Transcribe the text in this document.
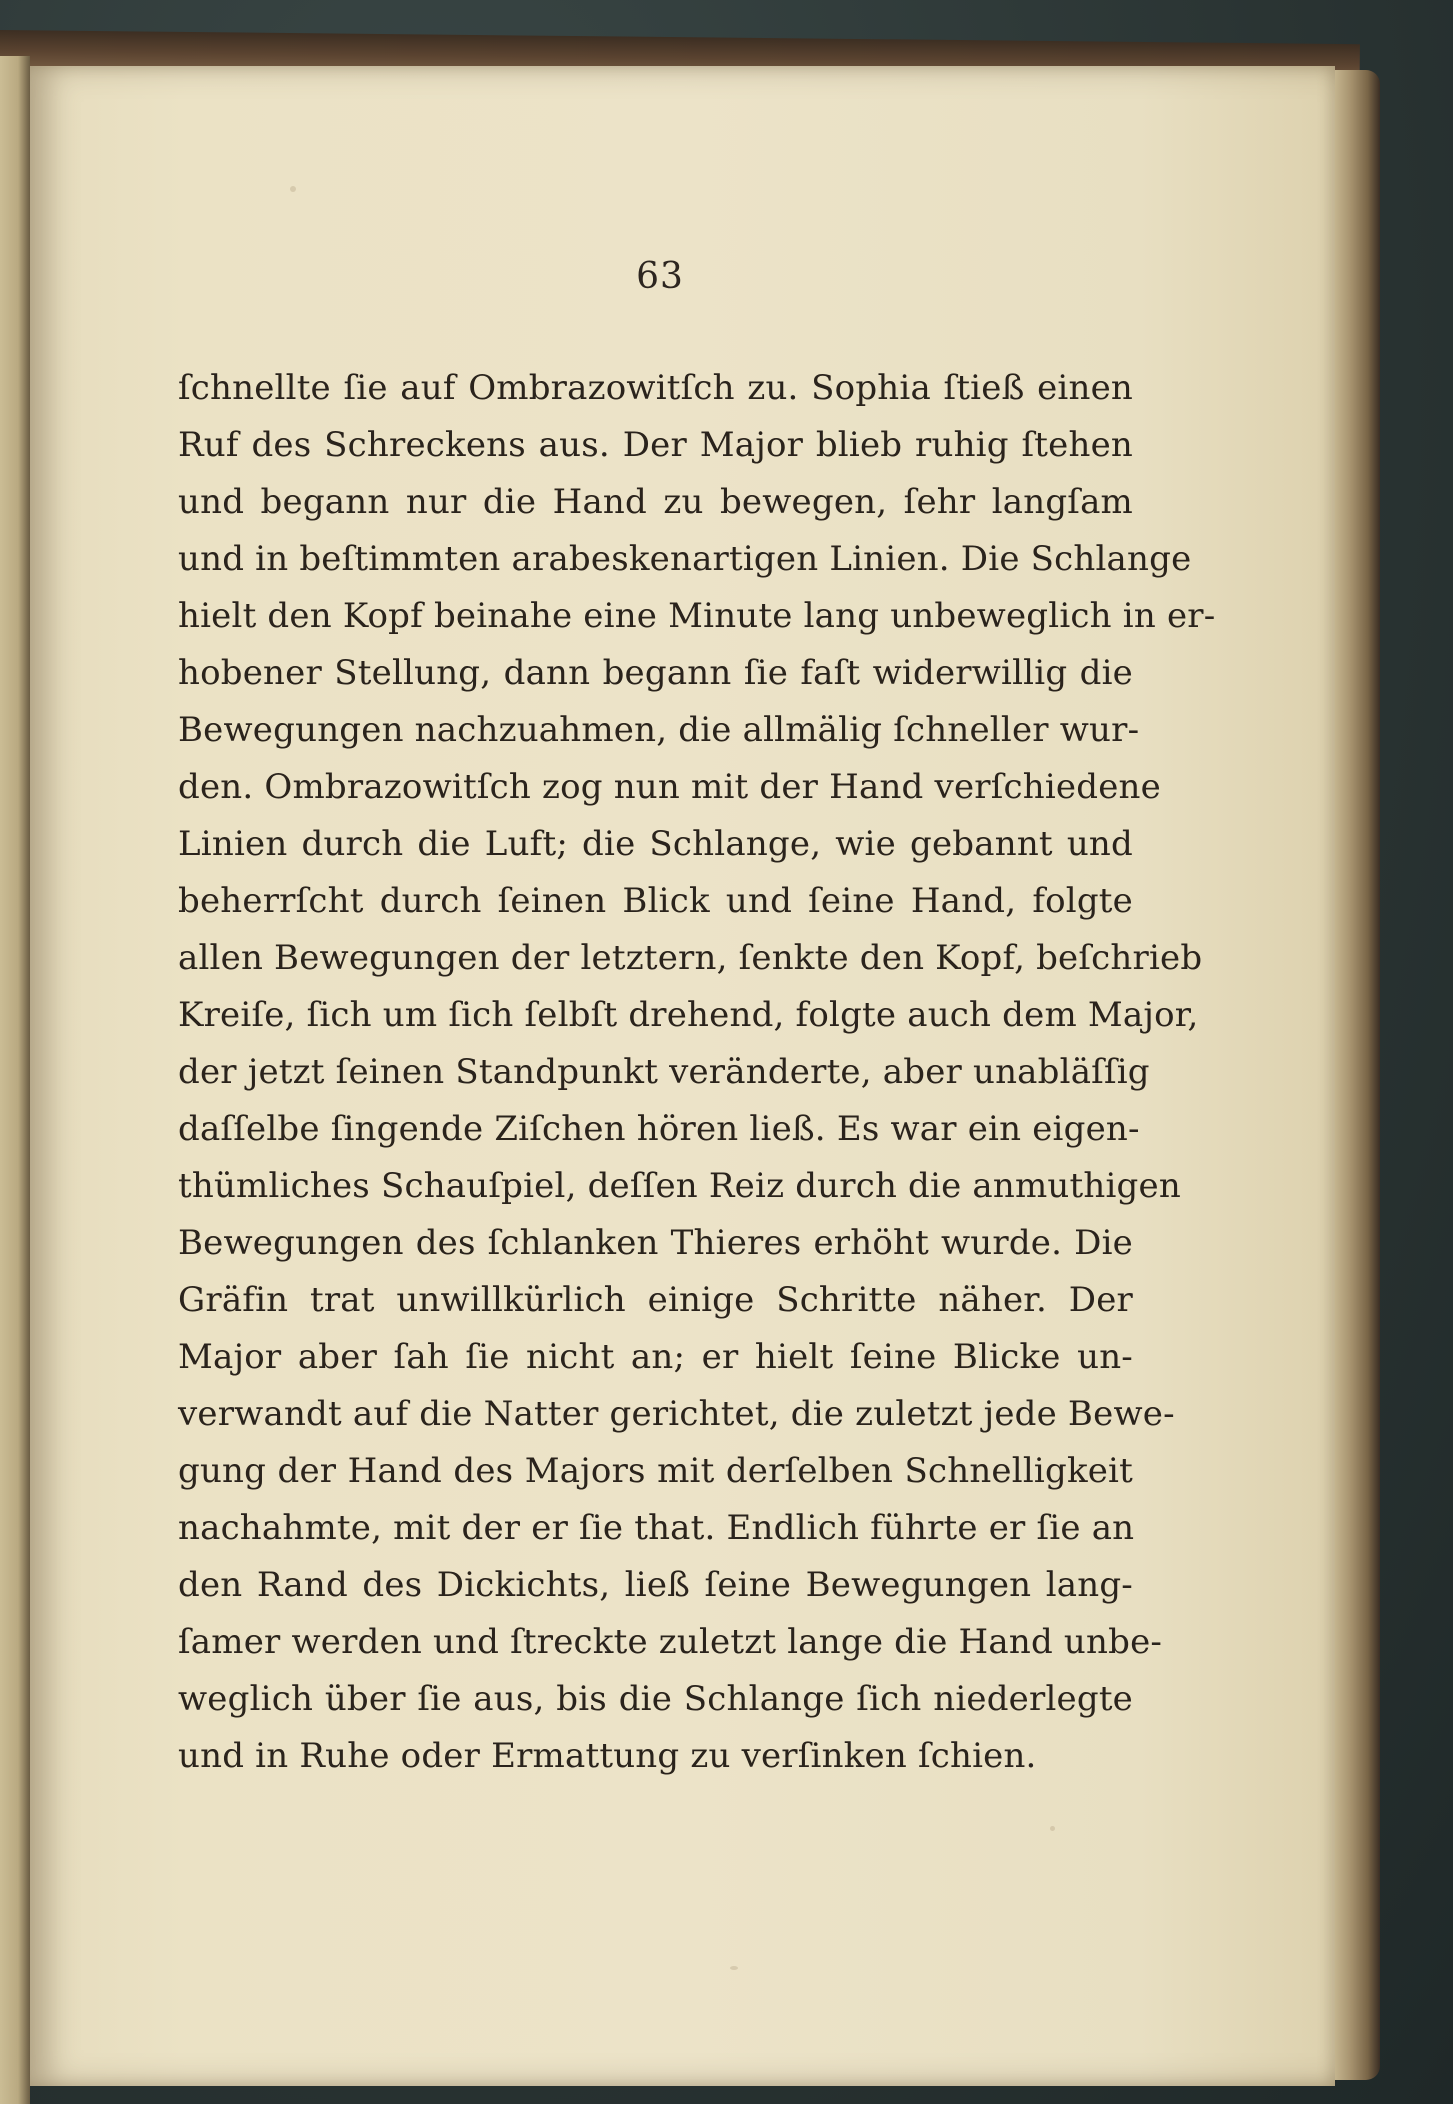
63
ſchnellte ſie auf Ombrazowitſch zu. Sophia ſtieß einen
Ruf des Schreckens aus. Der Major blieb ruhig ſtehen
und begann nur die Hand zu bewegen, ſehr langſam
und in beſtimmten arabeskenartigen Linien. Die Schlange
hielt den Kopf beinahe eine Minute lang unbeweglich in er-
hobener Stellung, dann begann ſie faſt widerwillig die
Bewegungen nachzuahmen, die allmälig ſchneller wur-
den. Ombrazowitſch zog nun mit der Hand verſchiedene
Linien durch die Luft; die Schlange, wie gebannt und
beherrſcht durch ſeinen Blick und ſeine Hand, folgte
allen Bewegungen der letztern, ſenkte den Kopf, beſchrieb
Kreiſe, ſich um ſich ſelbſt drehend, folgte auch dem Major,
der jetzt ſeinen Standpunkt veränderte, aber unabläſſig
daſſelbe ſingende Ziſchen hören ließ. Es war ein eigen-
thümliches Schauſpiel, deſſen Reiz durch die anmuthigen
Bewegungen des ſchlanken Thieres erhöht wurde. Die
Gräfin trat unwillkürlich einige Schritte näher. Der
Major aber ſah ſie nicht an; er hielt ſeine Blicke un-
verwandt auf die Natter gerichtet, die zuletzt jede Bewe-
gung der Hand des Majors mit derſelben Schnelligkeit
nachahmte, mit der er ſie that. Endlich führte er ſie an
den Rand des Dickichts, ließ ſeine Bewegungen lang-
ſamer werden und ſtreckte zuletzt lange die Hand unbe-
weglich über ſie aus, bis die Schlange ſich niederlegte
und in Ruhe oder Ermattung zu verſinken ſchien.
